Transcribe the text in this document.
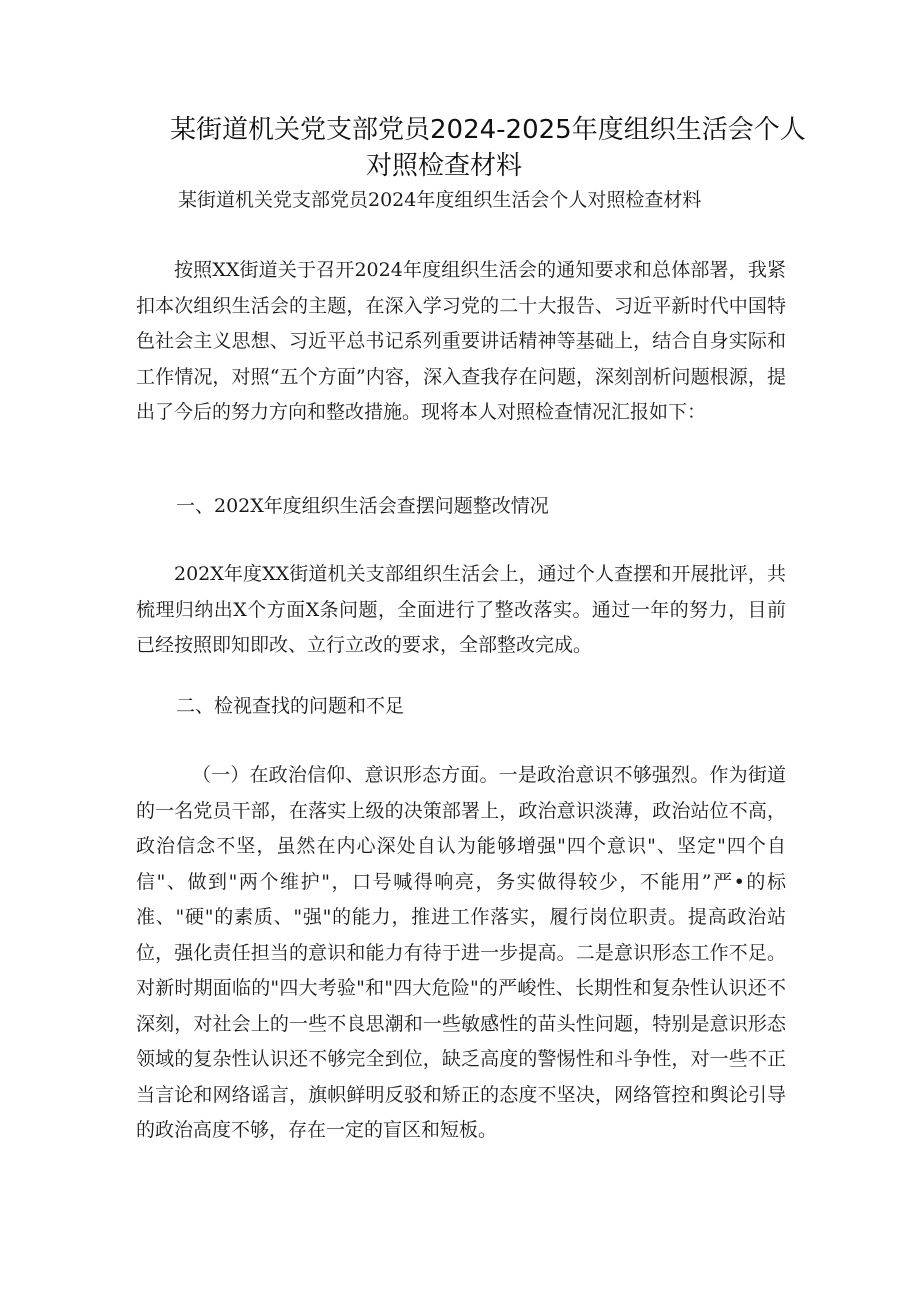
某街道机关党支部党员2024-2025年度组织生活会个人
对照检查材料

某街道机关党支部党员2024年度组织生活会个人对照检查材料

按照XX街道关于召开2024年度组织生活会的通知要求和总体部署，我紧扣本次组织生活会的主题，在深入学习党的二十大报告、习近平新时代中国特色社会主义思想、习近平总书记系列重要讲话精神等基础上，结合自身实际和工作情况，对照“五个方面”内容，深入查我存在问题，深刻剖析问题根源，提出了今后的努力方向和整改措施。现将本人对照检查情况汇报如下：

一、202X年度组织生活会查摆问题整改情况

202X年度XX街道机关支部组织生活会上，通过个人查摆和开展批评，共梳理归纳出X个方面X条问题，全面进行了整改落实。通过一年的努力，目前已经按照即知即改、立行立改的要求，全部整改完成。

二、检视查找的问题和不足

（一）在政治信仰、意识形态方面。一是政治意识不够强烈。作为街道的一名党员干部，在落实上级的决策部署上，政治意识淡薄，政治站位不高，政治信念不坚，虽然在内心深处自认为能够增强"四个意识"、坚定"四个自信"、做到"两个维护"，口号喊得响亮，务实做得较少，不能用”严•的标准、"硬"的素质、"强"的能力，推进工作落实，履行岗位职责。提高政治站位，强化责任担当的意识和能力有待于进一步提高。二是意识形态工作不足。对新时期面临的"四大考验"和"四大危险"的严峻性、长期性和复杂性认识还不深刻，对社会上的一些不良思潮和一些敏感性的苗头性问题，特别是意识形态领域的复杂性认识还不够完全到位，缺乏高度的警惕性和斗争性，对一些不正当言论和网络谣言，旗帜鲜明反驳和矫正的态度不坚决，网络管控和舆论引导的政治高度不够，存在一定的盲区和短板。
